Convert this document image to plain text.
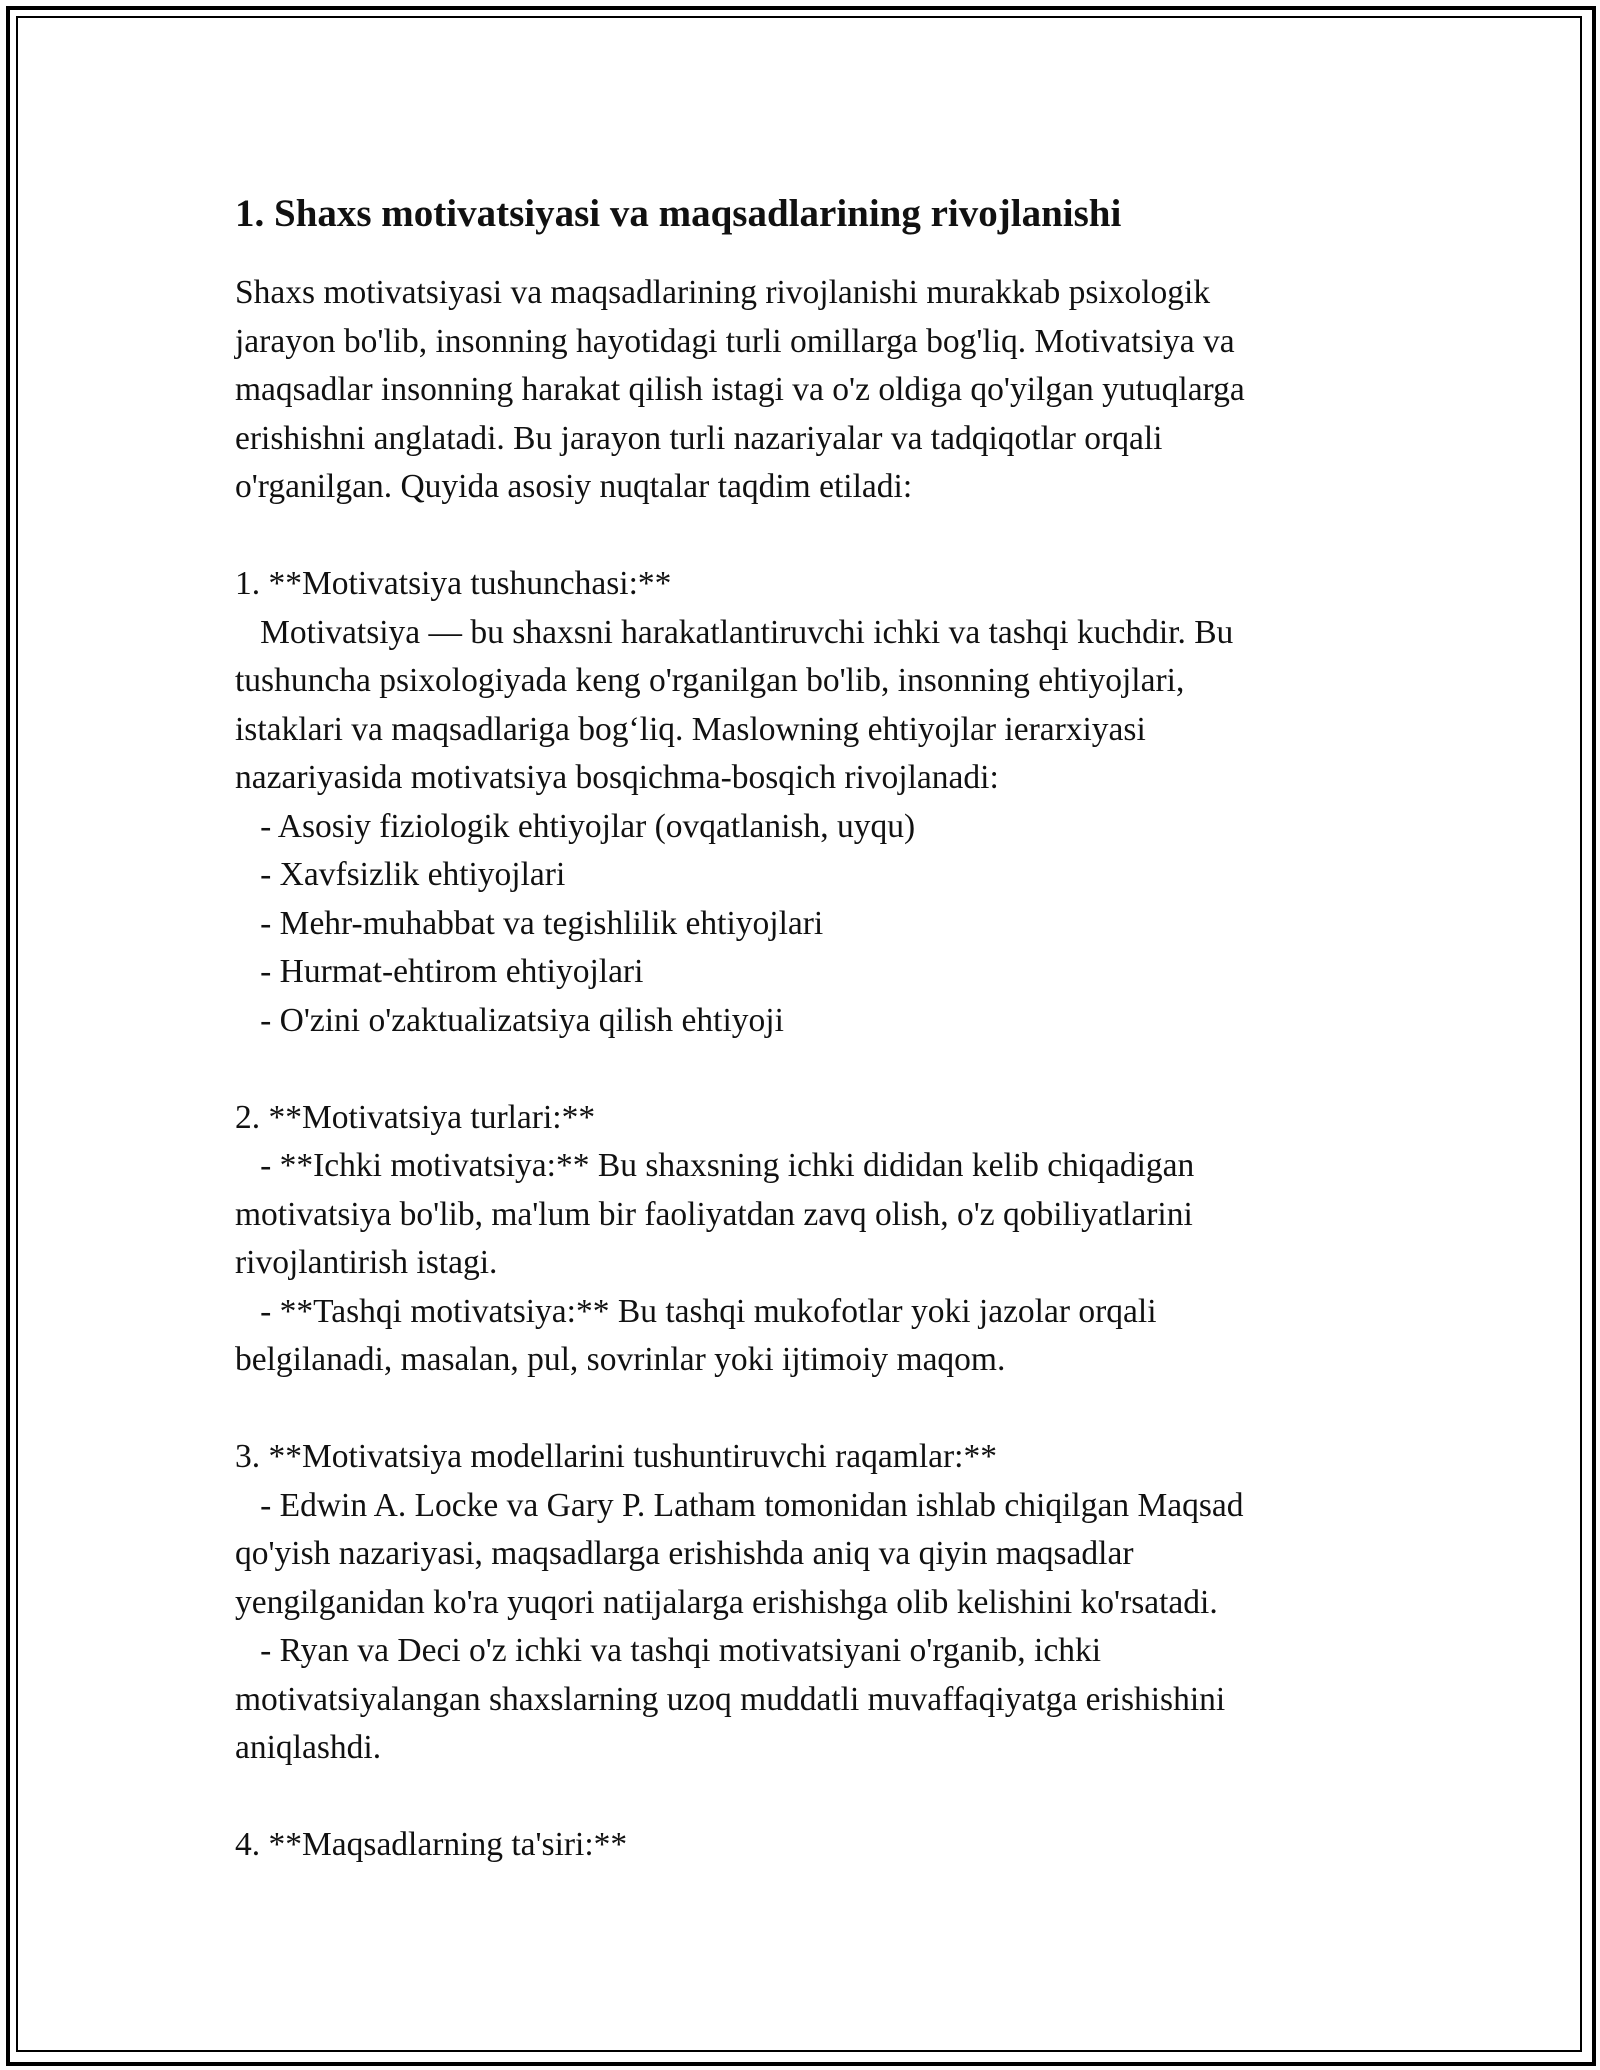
1. Shaxs motivatsiyasi va maqsadlarining rivojlanishi

Shaxs motivatsiyasi va maqsadlarining rivojlanishi murakkab psixologik

jarayon bo'lib, insonning hayotidagi turli omillarga bog'liq. Motivatsiya va

maqsadlar insonning harakat qilish istagi va o'z oldiga qo'yilgan yutuqlarga

erishishni anglatadi. Bu jarayon turli nazariyalar va tadqiqotlar orqali

o'rganilgan. Quyida asosiy nuqtalar taqdim etiladi:

1. **Motivatsiya tushunchasi:**

Motivatsiya — bu shaxsni harakatlantiruvchi ichki va tashqi kuchdir. Bu

tushuncha psixologiyada keng o'rganilgan bo'lib, insonning ehtiyojlari,

istaklari va maqsadlariga bog‘liq. Maslowning ehtiyojlar ierarxiyasi

nazariyasida motivatsiya bosqichma-bosqich rivojlanadi:

- Asosiy fiziologik ehtiyojlar (ovqatlanish, uyqu)

- Xavfsizlik ehtiyojlari

- Mehr-muhabbat va tegishlilik ehtiyojlari

- Hurmat-ehtirom ehtiyojlari

- O'zini o'zaktualizatsiya qilish ehtiyoji

2. **Motivatsiya turlari:**

- **Ichki motivatsiya:** Bu shaxsning ichki dididan kelib chiqadigan

motivatsiya bo'lib, ma'lum bir faoliyatdan zavq olish, o'z qobiliyatlarini

rivojlantirish istagi.

- **Tashqi motivatsiya:** Bu tashqi mukofotlar yoki jazolar orqali

belgilanadi, masalan, pul, sovrinlar yoki ijtimoiy maqom.

3. **Motivatsiya modellarini tushuntiruvchi raqamlar:**

- Edwin A. Locke va Gary P. Latham tomonidan ishlab chiqilgan Maqsad

qo'yish nazariyasi, maqsadlarga erishishda aniq va qiyin maqsadlar

yengilganidan ko'ra yuqori natijalarga erishishga olib kelishini ko'rsatadi.

- Ryan va Deci o'z ichki va tashqi motivatsiyani o'rganib, ichki

motivatsiyalangan shaxslarning uzoq muddatli muvaffaqiyatga erishishini

aniqlashdi.

4. **Maqsadlarning ta'siri:**
